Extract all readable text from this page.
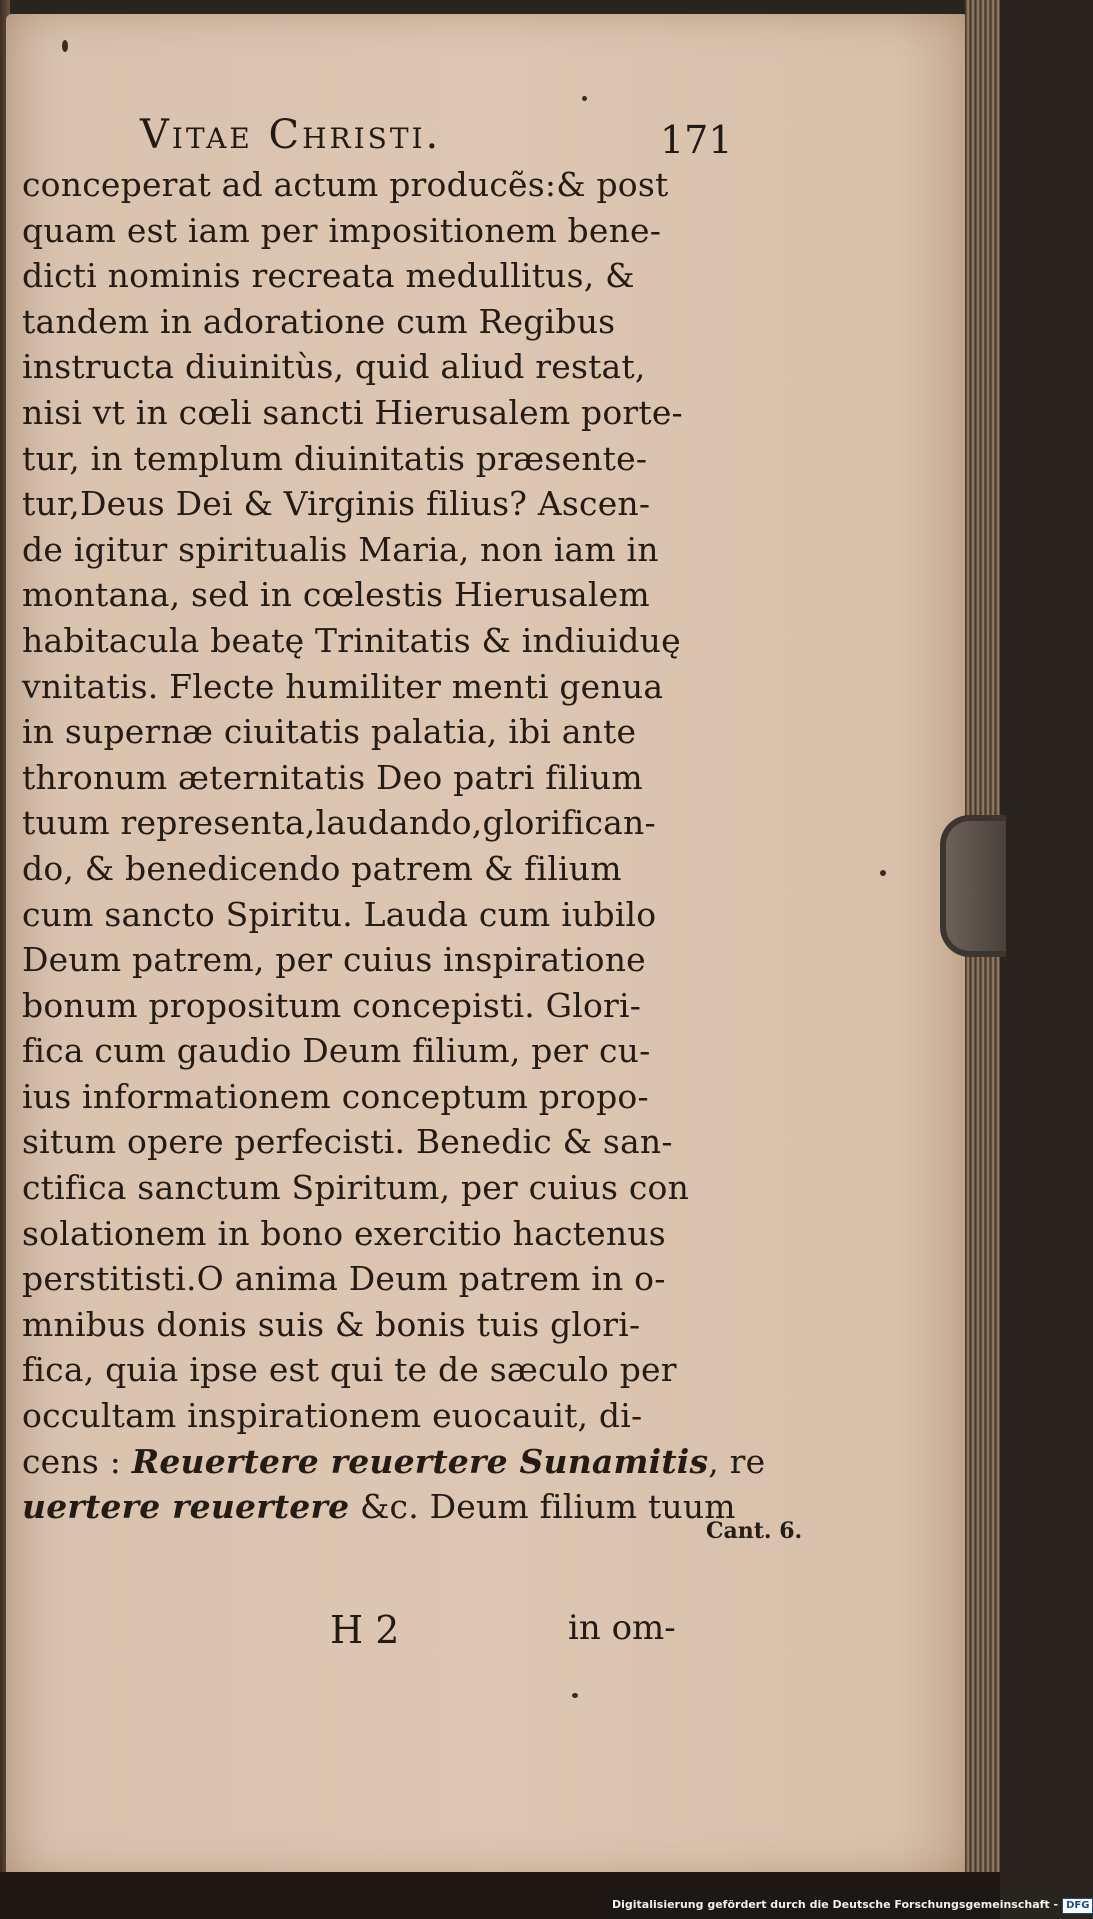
Vitae Christi.	171
conceperat ad actum producẽs:& post
quam est iam per impositionem bene-
dicti nominis recreata medullitus, &
tandem in adoratione cum Regibus
instructa diuinitùs, quid aliud restat,
nisi vt in cœli sancti Hierusalem porte-
tur, in templum diuinitatis præsente-
tur,Deus Dei & Virginis filius? Ascen-
de igitur spiritualis Maria, non iam in
montana, sed in cœlestis Hierusalem
habitacula beatę Trinitatis & indiuiduę
vnitatis. Flecte humiliter menti genua
in supernæ ciuitatis palatia, ibi ante
thronum æternitatis Deo patri filium
tuum representa,laudando,glorifican-
do, & benedicendo patrem & filium
cum sancto Spiritu. Lauda cum iubilo
Deum patrem, per cuius inspiratione
bonum propositum concepisti. Glori-
fica cum gaudio Deum filium, per cu-
ius informationem conceptum propo-
situm opere perfecisti. Benedic & san-
ctifica sanctum Spiritum, per cuius con
solationem in bono exercitio hactenus
perstitisti.O anima Deum patrem in o-
mnibus donis suis & bonis tuis glori-
fica, quia ipse est qui te de sæculo per
occultam inspirationem euocauit, di-
cens : Reuertere reuertere Sunamitis, re
uertere reuertere &c. Deum filium tuum
Cant. 6.
H 2	in om-
Digitalisierung gefördert durch die Deutsche Forschungsgemeinschaft - DFG
